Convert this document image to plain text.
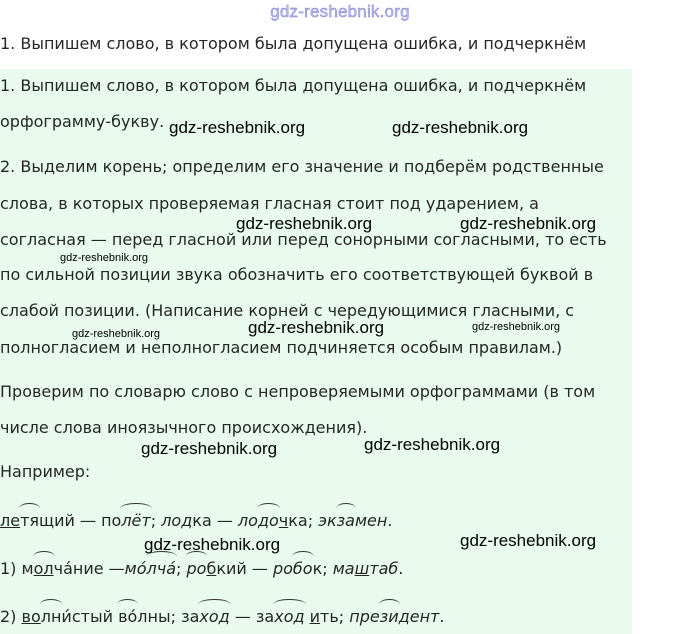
gdz-reshebnik.org
1. Выпишем слово, в котором была допущена ошибка, и подчеркнём
1. Выпишем слово, в котором была допущена ошибка, и подчеркнём
орфограмму-букву.
2. Выделим корень; определим его значение и подберём родственные
слова, в которых проверяемая гласная стоит под ударением, а
согласная — перед гласной или перед сонорными согласными, то есть
по сильной позиции звука обозначить его соответствующей буквой в
слабой позиции. (Написание корней с чередующимися гласными, с
полногласием и неполногласием подчиняется особым правилам.)
Проверим по словарю слово с непроверяемыми орфограммами (в том
числе слова иноязычного происхождения).
Например:
летящий — полёт; лодка — лодочка; экзамен.
1) молча́ние —мо́лча́; робкий — робок; маштаб.
2) волни́стый во́лны; заход — заход ить; президент.
gdz-reshebnik.org	gdz-reshebnik.org
gdz-reshebnik.org	gdz-reshebnik.org
gdz-reshebnik.org
gdz-reshebnik.org
gdz-reshebnik.org
gdz-reshebnik.org
gdz-reshebnik.org
gdz-reshebnik.org
gdz-reshebnik.org	gdz-reshebnik.org
